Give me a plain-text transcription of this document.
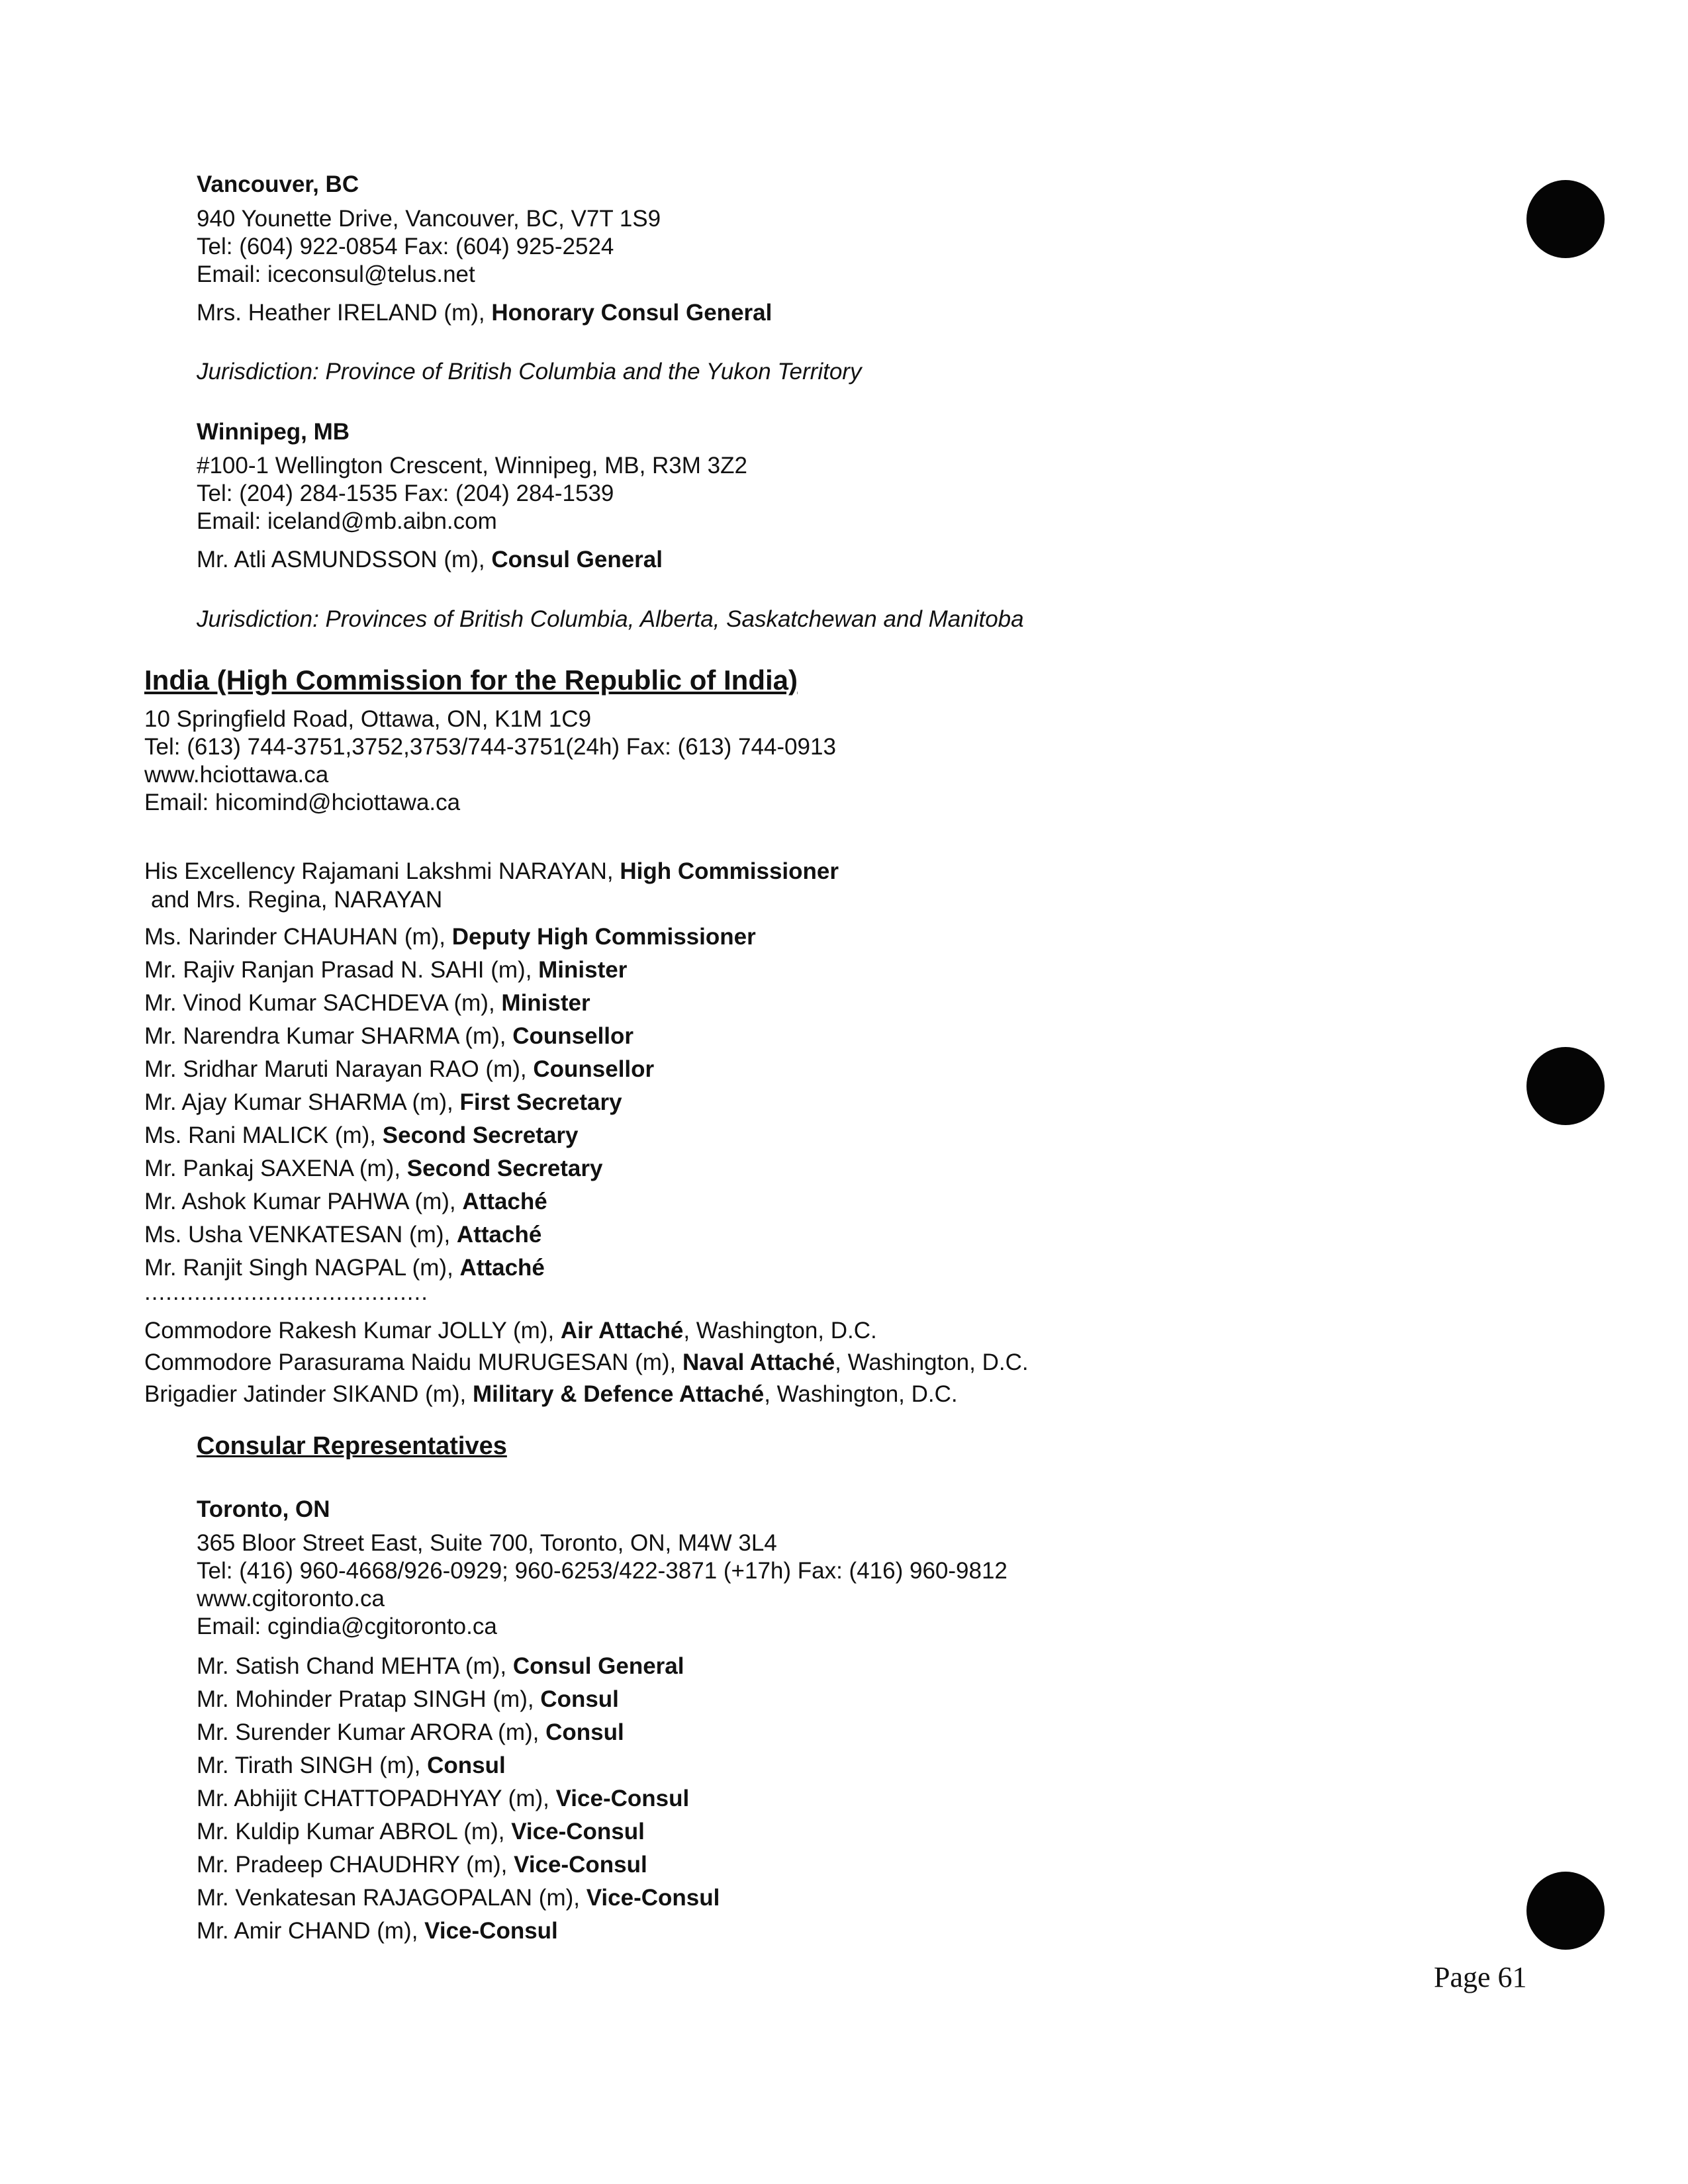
Vancouver, BC
940 Younette Drive, Vancouver, BC, V7T 1S9
Tel: (604) 922-0854 Fax: (604) 925-2524
Email: iceconsul@telus.net
Mrs. Heather IRELAND (m), Honorary Consul General
Jurisdiction: Province of British Columbia and the Yukon Territory
Winnipeg, MB
#100-1 Wellington Crescent, Winnipeg, MB, R3M 3Z2
Tel: (204) 284-1535 Fax: (204) 284-1539
Email: iceland@mb.aibn.com
Mr. Atli ASMUNDSSON (m), Consul General
Jurisdiction: Provinces of British Columbia, Alberta, Saskatchewan and Manitoba
India (High Commission for the Republic of India)
10 Springfield Road, Ottawa, ON, K1M 1C9
Tel: (613) 744-3751,3752,3753/744-3751(24h) Fax: (613) 744-0913
www.hciottawa.ca
Email: hicomind@hciottawa.ca
His Excellency Rajamani Lakshmi NARAYAN, High Commissioner
and Mrs. Regina, NARAYAN
Ms. Narinder CHAUHAN (m), Deputy High Commissioner
Mr. Rajiv Ranjan Prasad N. SAHI (m), Minister
Mr. Vinod Kumar SACHDEVA (m), Minister
Mr. Narendra Kumar SHARMA (m), Counsellor
Mr. Sridhar Maruti Narayan RAO (m), Counsellor
Mr. Ajay Kumar SHARMA (m), First Secretary
Ms. Rani MALICK (m), Second Secretary
Mr. Pankaj SAXENA (m), Second Secretary
Mr. Ashok Kumar PAHWA (m), Attaché
Ms. Usha VENKATESAN (m), Attaché
Mr. Ranjit Singh NAGPAL (m), Attaché
........................................
Commodore Rakesh Kumar JOLLY (m), Air Attaché, Washington, D.C.
Commodore Parasurama Naidu MURUGESAN (m), Naval Attaché, Washington, D.C.
Brigadier Jatinder SIKAND (m), Military & Defence Attaché, Washington, D.C.
Consular Representatives
Toronto, ON
365 Bloor Street East, Suite 700, Toronto, ON, M4W 3L4
Tel: (416) 960-4668/926-0929; 960-6253/422-3871 (+17h) Fax: (416) 960-9812
www.cgitoronto.ca
Email: cgindia@cgitoronto.ca
Mr. Satish Chand MEHTA (m), Consul General
Mr. Mohinder Pratap SINGH (m), Consul
Mr. Surender Kumar ARORA (m), Consul
Mr. Tirath SINGH (m), Consul
Mr. Abhijit CHATTOPADHYAY (m), Vice-Consul
Mr. Kuldip Kumar ABROL (m), Vice-Consul
Mr. Pradeep CHAUDHRY (m), Vice-Consul
Mr. Venkatesan RAJAGOPALAN (m), Vice-Consul
Mr. Amir CHAND (m), Vice-Consul
Page 61
